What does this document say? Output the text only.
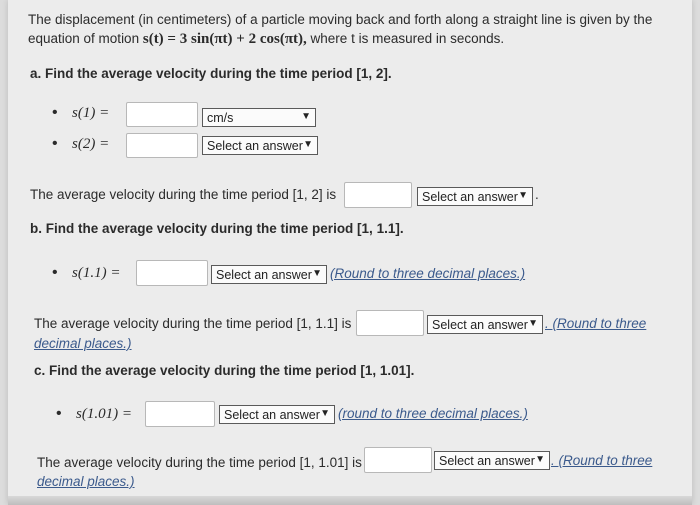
The displacement (in centimeters) of a particle moving back and forth along a straight line is given by the
equation of motion s(t) = 3 sin(πt) + 2 cos(πt), where t is measured in seconds.
a. Find the average velocity during the time period [1, 2].
• s(1) =	cm/s	▼
• s(2) =	Select an answer ▼
The average velocity during the time period [1, 2] is	Select an answer ▼ .
b. Find the average velocity during the time period [1, 1.1].
• s(1.1) =	Select an answer ▼ (Round to three decimal places.)
The average velocity during the time period [1, 1.1] is	Select an answer ▼ . (Round to three
decimal places.)
c. Find the average velocity during the time period [1, 1.01].
• s(1.01) =	Select an answer ▼ (round to three decimal places.)
The average velocity during the time period [1, 1.01] is	Select an answer ▼ . (Round to three
decimal places.)
